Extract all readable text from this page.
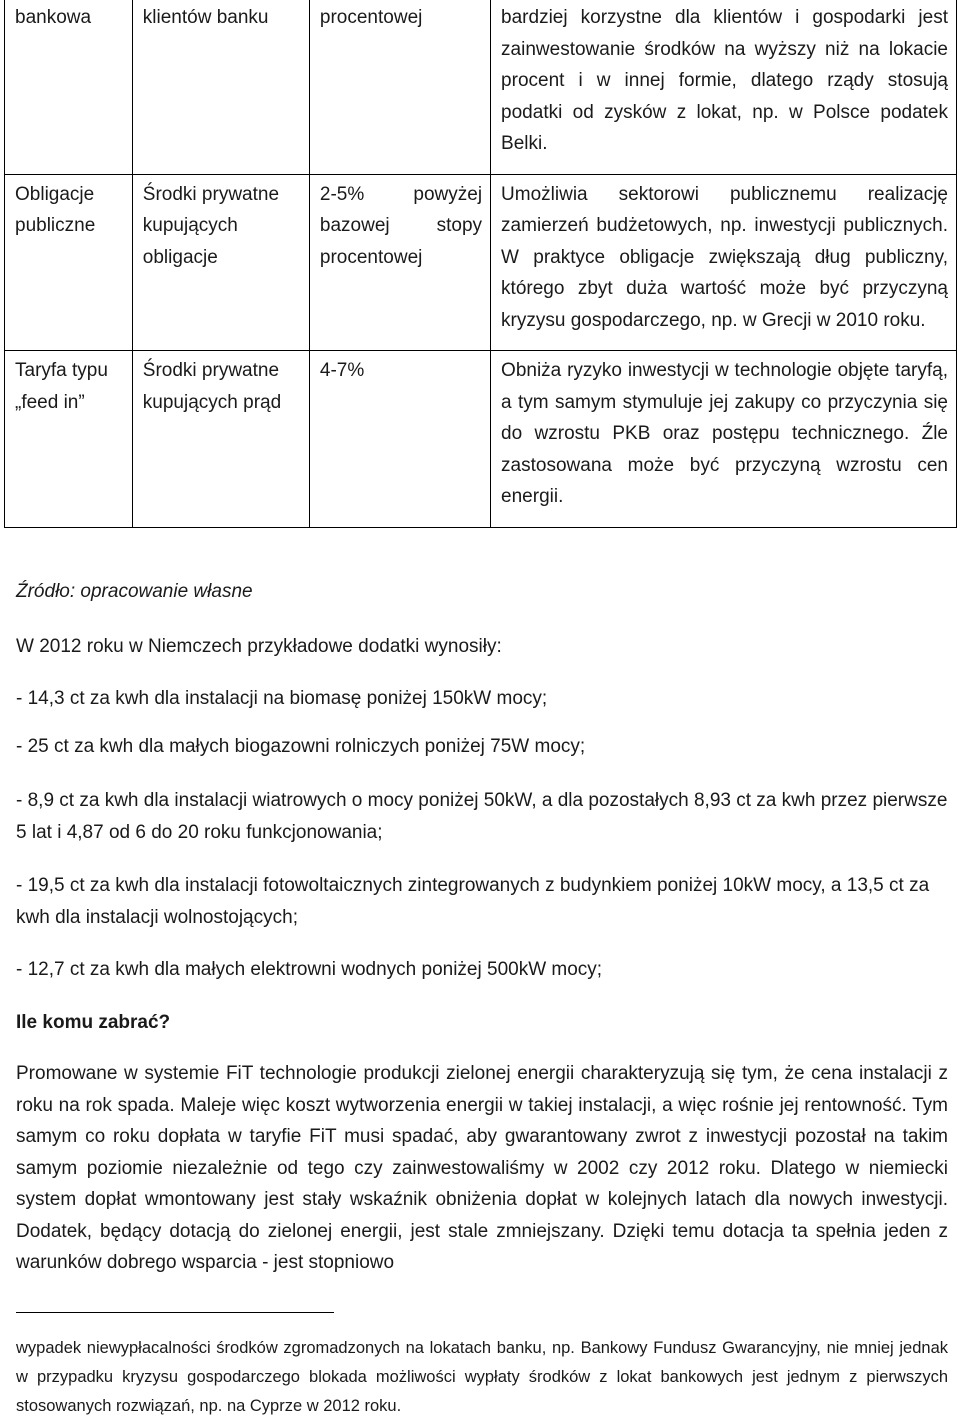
bankowa	klientów banku	procentowej	bardziej korzystne dla klientów i gospodarki jest zainwestowanie środków na wyższy niż na lokacie procent i w innej formie, dlatego rządy stosują podatki od zysków z lokat, np. w Polsce podatek Belki.
Obligacje publiczne	Środki prywatne kupujących obligacje	2-5% powyżej bazowej stopy procentowej	Umożliwia sektorowi publicznemu realizację zamierzeń budżetowych, np. inwestycji publicznych. W praktyce obligacje zwiększają dług publiczny, którego zbyt duża wartość może być przyczyną kryzysu gospodarczego, np. w Grecji w 2010 roku.
Taryfa typu „feed in”	Środki prywatne kupujących prąd	4-7%	Obniża ryzyko inwestycji w technologie objęte taryfą, a tym samym stymuluje jej zakupy co przyczynia się do wzrostu PKB oraz postępu technicznego. Źle zastosowana może być przyczyną wzrostu cen energii.
Źródło: opracowanie własne

W 2012 roku w Niemczech przykładowe dodatki wynosiły:

- 14,3 ct za kwh dla instalacji na biomasę poniżej 150kW mocy;

- 25 ct za kwh dla małych biogazowni rolniczych poniżej 75W mocy;

- 8,9 ct za kwh dla instalacji wiatrowych o mocy poniżej 50kW, a dla pozostałych 8,93 ct za kwh przez pierwsze 5 lat i 4,87 od 6 do 20 roku funkcjonowania;

- 19,5 ct za kwh dla instalacji fotowoltaicznych zintegrowanych z budynkiem poniżej 10kW mocy, a 13,5 ct za kwh dla instalacji wolnostojących;

- 12,7 ct za kwh dla małych elektrowni wodnych poniżej 500kW mocy;

Ile komu zabrać?

Promowane w systemie FiT technologie produkcji zielonej energii charakteryzują się tym, że cena instalacji z roku na rok spada. Maleje więc koszt wytworzenia energii w takiej instalacji, a więc rośnie jej rentowność. Tym samym co roku dopłata w taryfie FiT musi spadać, aby gwarantowany zwrot z inwestycji pozostał na takim samym poziomie niezależnie od tego czy zainwestowaliśmy w 2002 czy 2012 roku. Dlatego w niemiecki system dopłat wmontowany jest stały wskaźnik obniżenia dopłat w kolejnych latach dla nowych inwestycji. Dodatek, będący dotacją do zielonej energii, jest stale zmniejszany. Dzięki temu dotacja ta spełnia jeden z warunków dobrego wsparcia - jest stopniowo

wypadek niewypłacalności środków zgromadzonych na lokatach banku, np. Bankowy Fundusz Gwarancyjny, nie mniej jednak w przypadku kryzysu gospodarczego blokada możliwości wypłaty środków z lokat bankowych jest jednym z pierwszych stosowanych rozwiązań, np. na Cyprze w 2012 roku.
